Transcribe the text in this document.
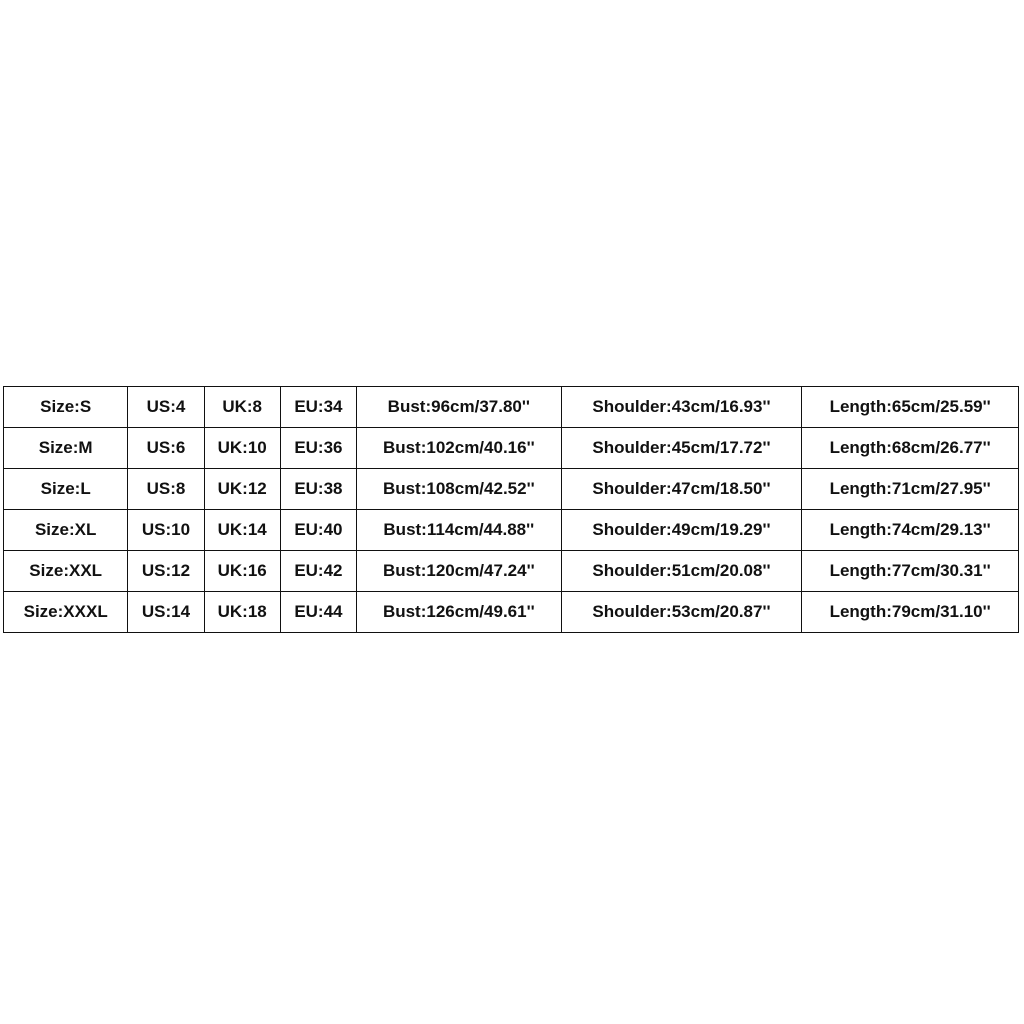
Size:S	US:4	UK:8	EU:34	Bust:96cm/37.80''	Shoulder:43cm/16.93''	Length:65cm/25.59''
Size:M	US:6	UK:10	EU:36	Bust:102cm/40.16''	Shoulder:45cm/17.72''	Length:68cm/26.77''
Size:L	US:8	UK:12	EU:38	Bust:108cm/42.52''	Shoulder:47cm/18.50''	Length:71cm/27.95''
Size:XL	US:10	UK:14	EU:40	Bust:114cm/44.88''	Shoulder:49cm/19.29''	Length:74cm/29.13''
Size:XXL	US:12	UK:16	EU:42	Bust:120cm/47.24''	Shoulder:51cm/20.08''	Length:77cm/30.31''
Size:XXXL	US:14	UK:18	EU:44	Bust:126cm/49.61''	Shoulder:53cm/20.87''	Length:79cm/31.10''
